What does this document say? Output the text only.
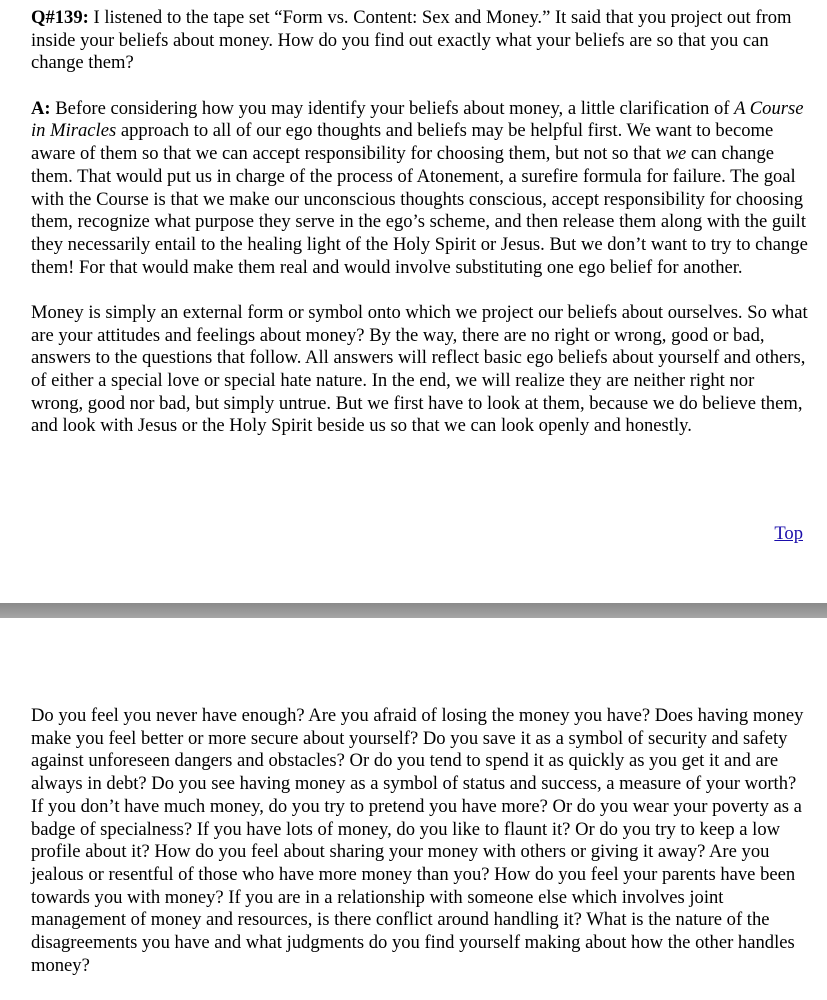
Q#139: I listened to the tape set “Form vs. Content: Sex and Money.” It said that you project out from inside your beliefs about money. How do you find out exactly what your beliefs are so that you can change them?

A: Before considering how you may identify your beliefs about money, a little clarification of A Course in Miracles approach to all of our ego thoughts and beliefs may be helpful first. We want to become aware of them so that we can accept responsibility for choosing them, but not so that we can change them. That would put us in charge of the process of Atonement, a surefire formula for failure. The goal with the Course is that we make our unconscious thoughts conscious, accept responsibility for choosing them, recognize what purpose they serve in the ego’s scheme, and then release them along with the guilt they necessarily entail to the healing light of the Holy Spirit or Jesus. But we don’t want to try to change them! For that would make them real and would involve substituting one ego belief for another.

Money is simply an external form or symbol onto which we project our beliefs about ourselves. So what are your attitudes and feelings about money? By the way, there are no right or wrong, good or bad, answers to the questions that follow. All answers will reflect basic ego beliefs about yourself and others, of either a special love or special hate nature. In the end, we will realize they are neither right nor wrong, good nor bad, but simply untrue. But we first have to look at them, because we do believe them, and look with Jesus or the Holy Spirit beside us so that we can look openly and honestly.

Top

Do you feel you never have enough? Are you afraid of losing the money you have? Does having money make you feel better or more secure about yourself? Do you save it as a symbol of security and safety against unforeseen dangers and obstacles? Or do you tend to spend it as quickly as you get it and are always in debt? Do you see having money as a symbol of status and success, a measure of your worth? If you don’t have much money, do you try to pretend you have more? Or do you wear your poverty as a badge of specialness? If you have lots of money, do you like to flaunt it? Or do you try to keep a low profile about it? How do you feel about sharing your money with others or giving it away? Are you jealous or resentful of those who have more money than you? How do you feel your parents have been towards you with money? If you are in a relationship with someone else which involves joint management of money and resources, is there conflict around handling it? What is the nature of the disagreements you have and what judgments do you find yourself making about how the other handles money?
